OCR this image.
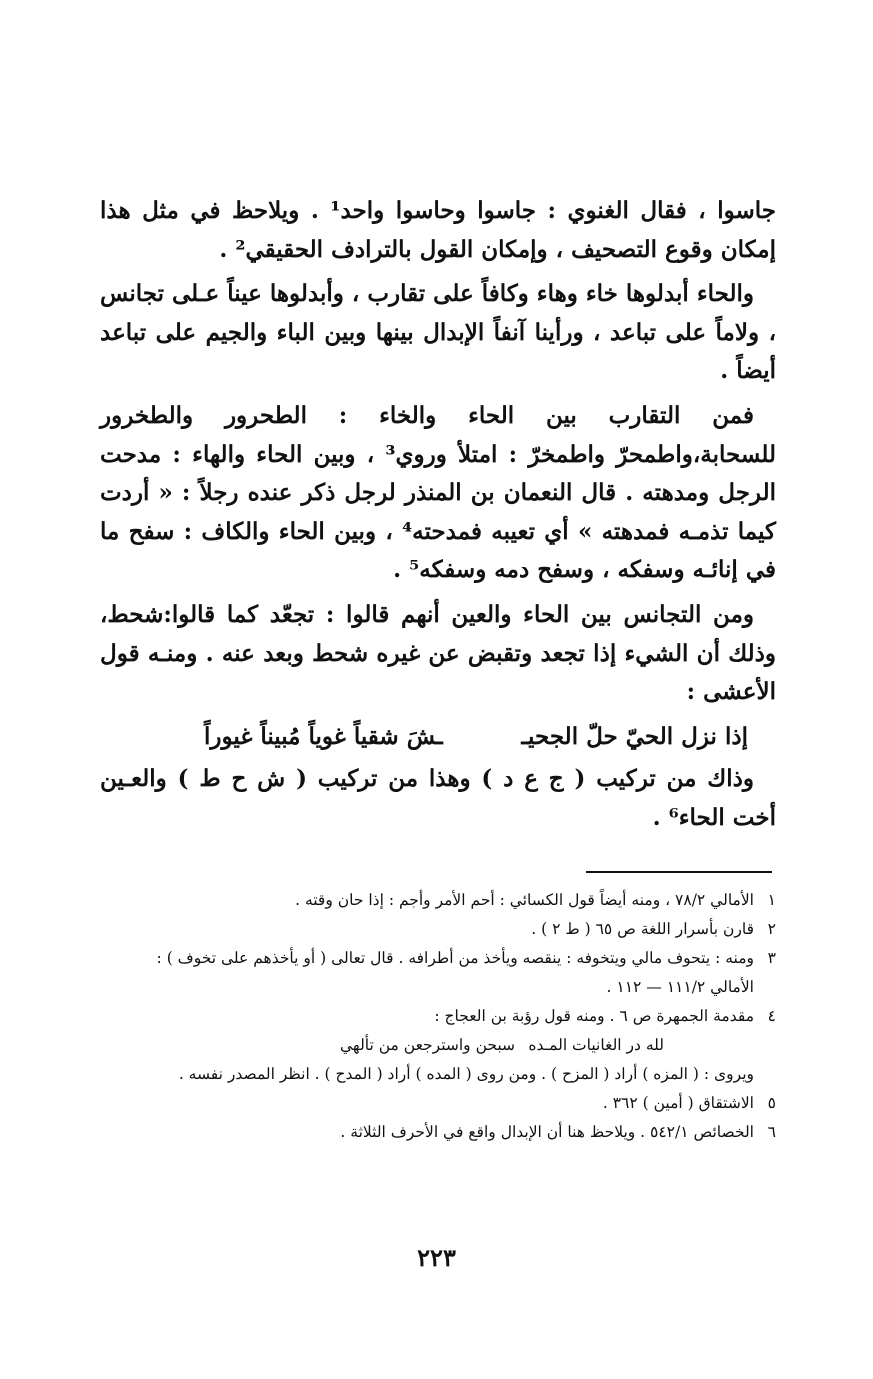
جاسوا ، فقال الغنوي : جاسوا وحاسوا واحد¹ . ويلاحظ في مثل هذا إمكان وقوع التصحيف ، وإمكان القول بالترادف الحقيقي² .

والحاء أبدلوها خاء وهاء وكافاً على تقارب ، وأبدلوها عيناً عـلى تجانس ، ولاماً على تباعد ، ورأينا آنفاً الإبدال بينها وبين الباء والجيم على تباعد أيضاً .

فمن التقارب بين الحاء والخاء : الطحرور والطخرور للسحابة،واطمحرّ واطمخرّ : امتلأ وروي³ ، وبين الحاء والهاء : مدحت الرجل ومدهته . قال النعمان بن المنذر لرجل ذكر عنده رجلاً : « أردت كيما تذمـه فمدهته » أي تعيبه فمدحته⁴ ، وبين الحاء والكاف : سفح ما في إنائـه وسفكه ، وسفح دمه وسفكه⁵ .

ومن التجانس بين الحاء والعين أنهم قالوا : تجعّد كما قالوا:شحط، وذلك أن الشيء إذا تجعد وتقبض عن غيره شحط وبعد عنه . ومنـه قول الأعشى :

إذا نزل الحيّ حلّ الجحيـ
ـشَ شقياً غوياً مُبيناً غيوراً

وذاك من تركيب ( ج ع د ) وهذا من تركيب ( ش ح ط ) والعـين أخت الحاء⁶ .

١
الأمالي ٧٨/٢ ، ومنه أيضاً قول الكسائي : أحم الأمر وأجم : إذا حان وقته .
٢
قارن بأسرار اللغة ص ٦٥ ( ط ٢ ) .
٣
ومنه : يتحوف مالي ويتخوفه : ينقصه ويأخذ من أطرافه . قال تعالى ( أو يأخذهم على تخوف ) :
الأمالي ١١١/٢ — ١١٢ .
٤
مقدمة الجمهرة ص ٦ . ومنه قول رؤبة بن العجاج :
لله در الغانيات المـده
سبحن واسترجعن من تألهي
ويروى : ( المزه ) أراد ( المزح ) . ومن روى ( المده ) أراد ( المدح ) . انظر المصدر نفسه .
٥
الاشتقاق ( أمين ) ٣٦٢ .
٦
الخصائص ٥٤٢/١ . ويلاحظ هنا أن الإبدال واقع في الأحرف الثلاثة .
٢٢٣
